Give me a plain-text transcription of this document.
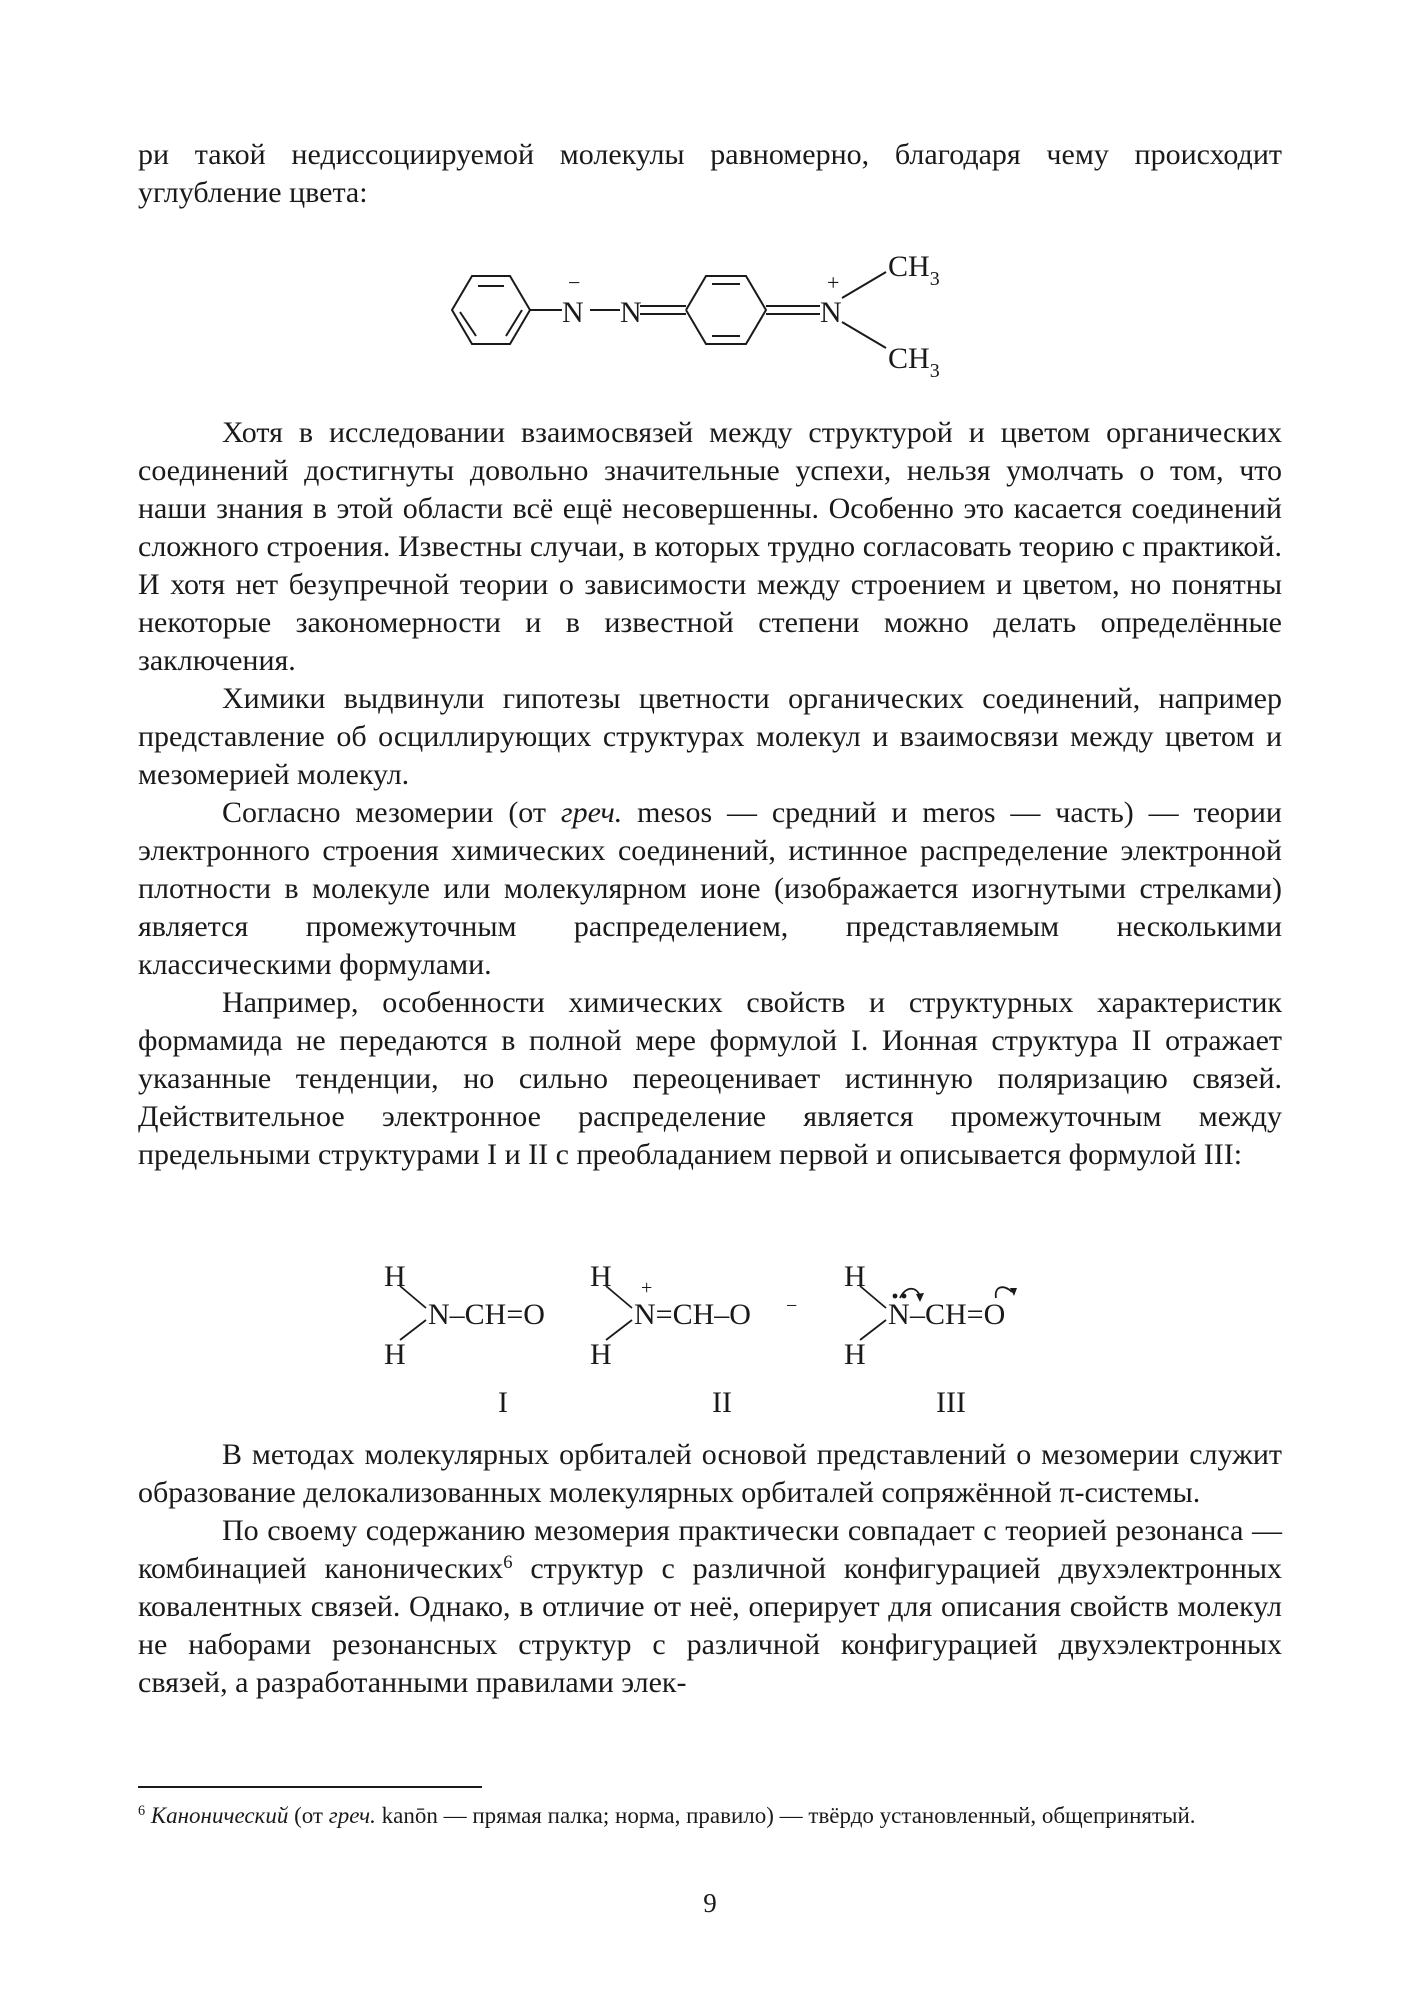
ри такой недиссоциируемой молекулы равномерно, благодаря чему происходит углубление цвета:

N
−
N	N
+ $CH_3$
$CH_3$

Хотя в исследовании взаимосвязей между структурой и цветом органических соединений достигнуты довольно значительные успехи, нельзя умолчать о том, что наши знания в этой области всё ещё несовершенны. Особенно это касается соединений сложного строения. Известны случаи, в которых трудно согласовать теорию с практикой. И хотя нет безупречной теории о зависимости между строением и цветом, но понятны некоторые закономерности и в известной степени можно делать определённые заключения.

Химики выдвинули гипотезы цветности органических соединений, например представление об осциллирующих структурах молекул и взаимосвязи между цветом и мезомерией молекул.

Согласно мезомерии (от греч. mesos — средний и meros — часть) — теории электронного строения химических соединений, истинное распределение электронной плотности в молекуле или молекулярном ионе (изображается изогнутыми стрелками) является промежуточным распределением, представляемым несколькими классическими формулами.

Например, особенности химических свойств и структурных характеристик формамида не передаются в полной мере формулой I. Ионная структура II отражает указанные тенденции, но сильно переоценивает истинную поляризацию связей. Действительное электронное распределение является промежуточным между предельными структурами I и II с преобладанием первой и описывается формулой III:

H
H
N–CH=O
I
H
H
+
N=CH–O −
II
H
H
N –CH=O
III

В методах молекулярных орбиталей основой представлений о мезомерии служит образование делокализованных молекулярных орбиталей сопряжённой π-системы.

По своему содержанию мезомерия практически совпадает с теорией резонанса — комбинацией канонических$^6$ структур с различной конфигурацией двухэлектронных ковалентных связей. Однако, в отличие от неё, оперирует для описания свойств молекул не наборами резонансных структур с различной конфигурацией двухэлектронных связей, а разработанными правилами элек-

$^6$ Канонический (от греч. kanōn — прямая палка; норма, правило) — твёрдо установленный, общепринятый.

9
